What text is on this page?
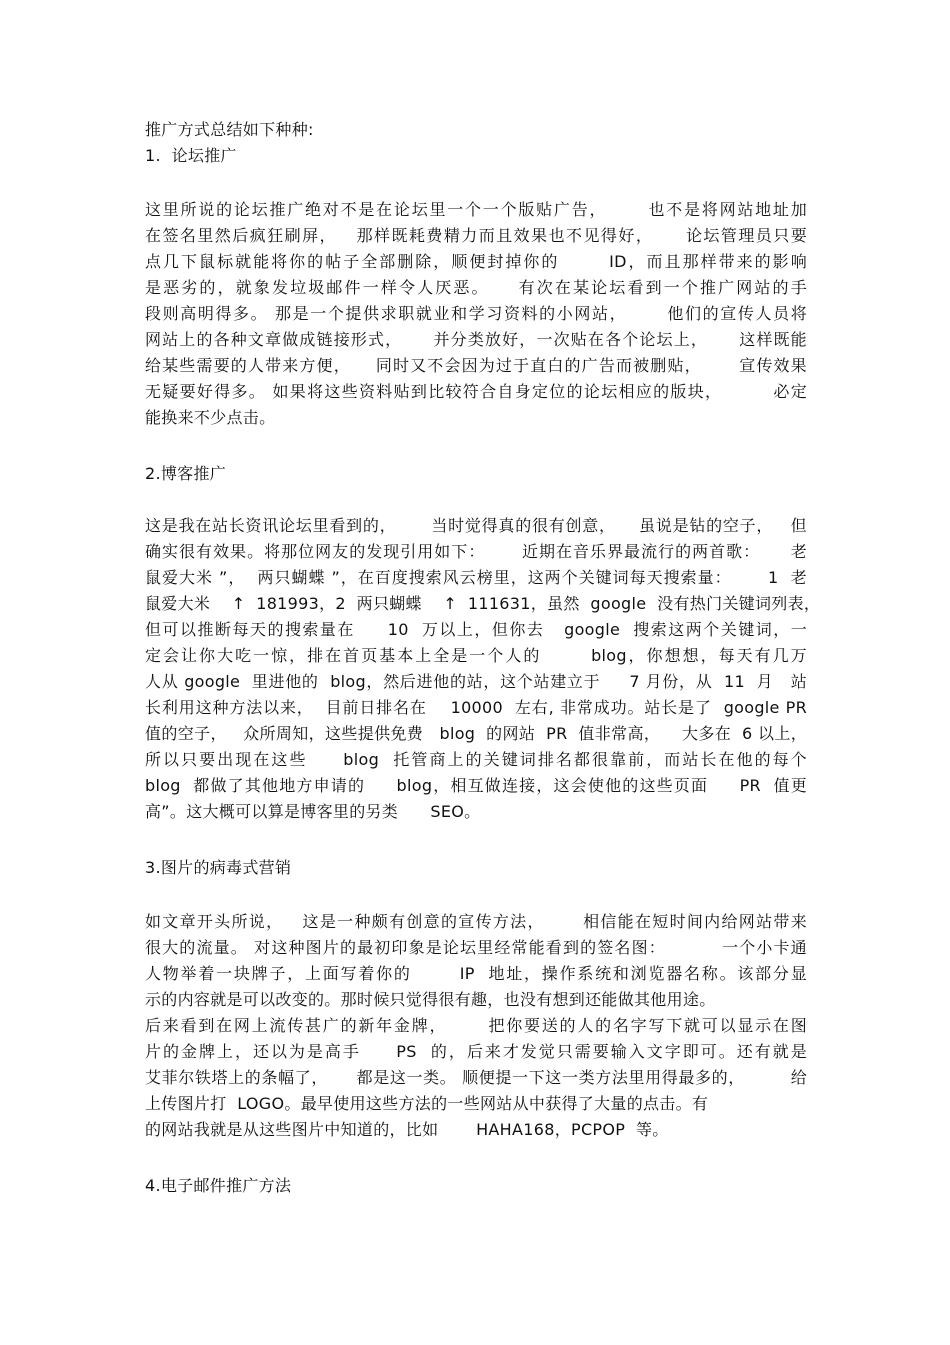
推广方式总结如下种种:
1.  论坛推广
这里所说的论坛推广绝对不是在论坛里一个一个版贴广告，      也不是将网站地址加
在签名里然后疯狂刷屏，   那样既耗费精力而且效果也不见得好，     论坛管理员只要
点几下鼠标就能将你的帖子全部删除，顺便封掉你的       ID，而且那样带来的影响
是恶劣的，就象发垃圾邮件一样令人厌恶。    有次在某论坛看到一个推广网站的手
段则高明得多。 那是一个提供求职就业和学习资料的小网站，      他们的宣传人员将
网站上的各种文章做成链接形式，     并分类放好，一次贴在各个论坛上，     这样既能
给某些需要的人带来方便，    同时又不会因为过于直白的广告而被删贴，      宣传效果
无疑要好得多。 如果将这些资料贴到比较符合自身定位的论坛相应的版块，        必定
能换来不少点击。
2.博客推广
这是我在站长资讯论坛里看到的，      当时觉得真的很有创意，    虽说是钻的空子，   但
确实很有效果。将那位网友的发现引用如下：      近期在音乐界最流行的两首歌：     老
鼠爱大米 ”，  两只蝴蝶 ”，在百度搜索风云榜里，这两个关键词每天搜索量：      1  老
鼠爱大米    ↑  181993，2  两只蝴蝶    ↑  111631，虽然  google  没有热门关键词列表，
但可以推断每天的搜索量在     10  万以上，但你去   google  搜索这两个关键词，一
定会让你大吃一惊，排在首页基本上全是一个人的       blog，你想想，每天有几万
人从 google  里进他的  blog，然后进他的站，这个站建立于     7 月份，从  11  月   站
长利用这种方法以来，  目前日排名在    10000  左右, 非常成功。站长是了  google PR
值的空子，   众所周知，这些提供免费   blog  的网站  PR  值非常高，    大多在  6 以上，
所以只要出现在这些     blog  托管商上的关键词排名都很靠前，而站长在他的每个
blog  都做了其他地方申请的     blog，相互做连接，这会使他的这些页面     PR  值更
高”。这大概可以算是博客里的另类      SEO。
3.图片的病毒式营销
如文章开头所说，   这是一种颇有创意的宣传方法，      相信能在短时间内给网站带来
很大的流量。 对这种图片的最初印象是论坛里经常能看到的签名图：         一个小卡通
人物举着一块牌子，上面写着你的       IP  地址，操作系统和浏览器名称。该部分显
示的内容就是可以改变的。那时候只觉得很有趣，也没有想到还能做其他用途。
后来看到在网上流传甚广的新年金牌，      把你要送的人的名字写下就可以显示在图
片的金牌上，还以为是高手     PS  的，后来才发觉只需要输入文字即可。还有就是
艾菲尔铁塔上的条幅了，     都是这一类。 顺便提一下这一类方法里用得最多的，        给
上传图片打  LOGO。最早使用这些方法的一些网站从中获得了大量的点击。有
的网站我就是从这些图片中知道的，比如       HAHA168，PCPOP  等。
4.电子邮件推广方法
